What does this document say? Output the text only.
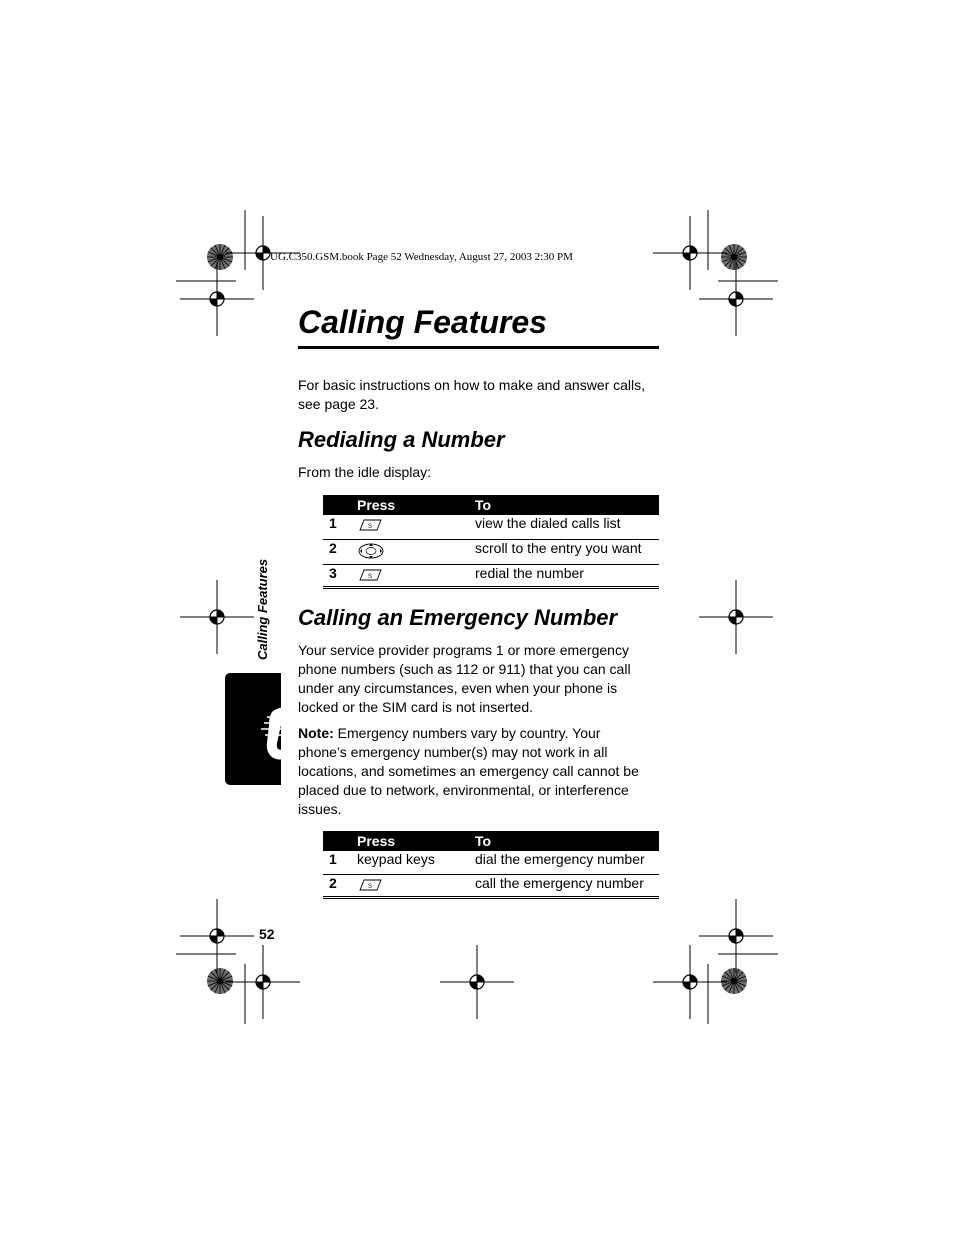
UG.C350.GSM.book Page 52 Wednesday, August 27, 2003 2:30 PM
Calling Features
Calling Features
For basic instructions on how to make and answer calls, see page 23.
Redialing a Number
From the idle display:
	Press	To
1	S	view the dialed calls list
2		scroll to the entry you want
3	S	redial the number
Calling an Emergency Number
Your service provider programs 1 or more emergency phone numbers (such as 112 or 911) that you can call under any circumstances, even when your phone is locked or the SIM card is not inserted.
Note: Emergency numbers vary by country. Your phone’s emergency number(s) may not work in all locations, and sometimes an emergency call cannot be placed due to network, environmental, or interference issues.
	Press	To
1	keypad keys	dial the emergency number
2	S	call the emergency number
52
